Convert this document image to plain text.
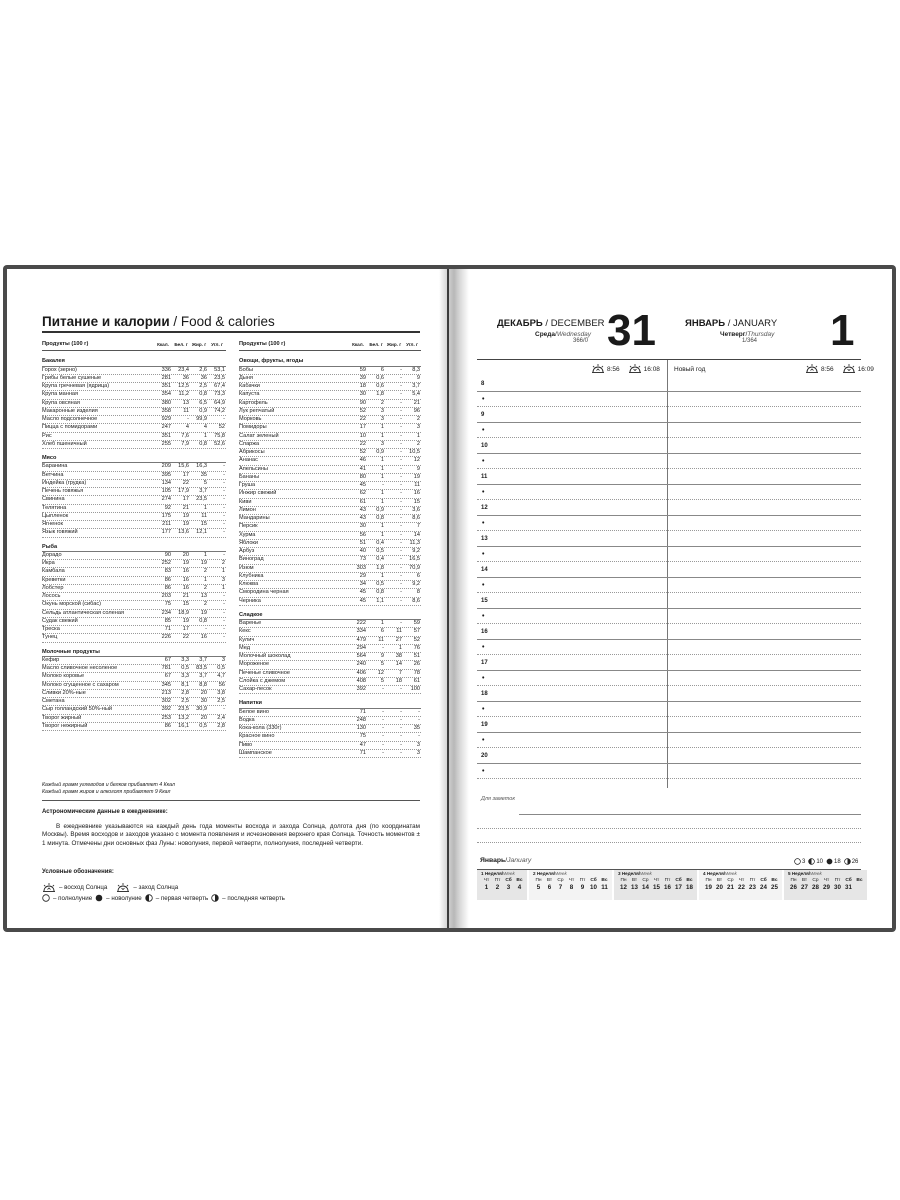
Питание и калории / Food & calories
Продукты (100 г)	Ккал.	Бел. г Жир. г	Угл. г
Бакалея
Горох (зерно)	336	23,4	2,6	53,1
Грибы белые сушеные	281	36	36	23,5
Крупа гречневая (ядрица)	351	12,5	2,5	67,4
Крупа манная	354	11,2	0,8	73,3
Крупа овсяная	380	13	6,5	64,9
Макаронные изделия	358	11	0,9	74,2
Масло подсолнечное	929	-	99,9	-
Пицца с помидорами	247	4	4	52
Рис	351	7,6	1	75,8
Хлеб пшеничный	255	7,9	0,8	52,6
Мясо
Баранина	209	15,6	16,3	-
Ветчина	395	17	35	-
Индейка (грудка)	134	22	5	-
Печень говяжья	105	17,9	3,7	-
Свинина	274	17	23,5	-
Телятина	92	21	1	-
Цыпленок	175	19	11	-
Ягненок	211	19	15	-
Язык говяжий	177	13,6	12,1	-
Рыба
Дорадо	90	20	1	-
Икра	252	19	19	2
Камбала	83	16	2	1
Креветки	86	16	1	3
Лобстер	86	16	2	1
Лосось	203	21	13	-
Окунь морской (сибас)	75	15	2	-
Сельдь атлантическая соленая	234	18,9	19	-
Судак свежий	85	19	0,8	-
Треска	71	17	-	-
Тунец	226	22	16	-
Молочные продукты
Кефир	67	3,3	3,7	3
Масло сливочное несоленое	781	0,5	83,5	0,5
Молоко коровье	67	3,3	3,7	4,7
Молоко сгущенное с сахаром	345	8,1	8,8	56
Сливки 20%-ные	213	2,8	20	3,8
Сметана	302	2,5	30	2,5
Сыр голландский 50%-ный	392	23,5	30,9	-
Творог жирный	253	13,2	20	2,4
Творог нежирный	86	16,1	0,5	2,8
Продукты (100 г)	Ккал.	Бел. г Жир. г	Угл. г
Овощи, фрукты, ягоды
Бобы	59	6	-	8,3
Дыня	39	0,6	-	9
Кабачки	18	0,6	-	3,7
Капуста	30	1,8	-	5,4
Картофель	90	2	-	21
Лук репчатый	52	3	-	96
Морковь	22	3	-	2
Помидоры	17	1	-	3
Салат зеленый	10	1	-	1
Спаржа	22	3	-	2
Абрикосы	52	0,9	-	10,5
Ананас	46	1	-	12
Апельсины	41	1	-	9
Бананы	80	1	-	19
Груша	45	-	-	11
Инжир свежий	62	1	-	16
Киви	61	1	-	15
Лимон	43	0,9	-	3,6
Мандарины	43	0,8	-	8,6
Персик	30	1	-	7
Хурма	56	1	-	14
Яблоки	51	0,4	-	11,3
Арбуз	40	0,5	-	9,2
Виноград	73	0,4	-	16,5
Изюм	303	1,8	-	70,9
Клубника	29	1	-	6
Клюква	34	0,5	-	9,2
Смородина черная	45	0,8	-	8
Черника	45	1,1	-	8,6
Сладкое
Варенье	222	1	-	59
Кекс	334	6	11	57
Кулич	479	11	27	52
Мед	294	-	1	76
Молочный шоколад	564	9	38	51
Мороженое	240	5	14	26
Печенье сливочное	406	12	7	78
Слойка с джемом	408	5	18	61
Сахар-песок	392	-	-	100
Напитки
Белое вино	71	-	-	-
Водка	248	-	-	-
Кока-кола (330г)	130	-	-	35
Красное вино	75	-	-	-
Пиво	47	-	-	3
Шампанское	71	-	-	3
Каждый грамм углеводов и белков прибавляет 4 Ккал
Каждый грамм жиров и алкоголя прибавляет 9 Ккал
Астрономические данные в ежедневнике:
В ежедневнике указываются на каждый день года моменты восхода и захода Солнца, долгота дня (по координатам Москвы). Время восходов и заходов указано с момента появления и исчезновения верхнего края Солнца. Точность моментов ± 1 минута. Отмечены дни основных фаз Луны: новолуния, первой четверти, полнолуния, последней четверти.
Условные обозначения:
– восход Солнца	– заход Солнца
– полнолуние – новолуние – первая четверть – последняя четверть
ДЕКАБРЬ / DECEMBER
Среда/Wednesday
366/0 31	ЯНВАРЬ / JANUARY
Четверг/Thursday
1/364 1
8:56	16:08 Новый год	8:56	16:09
8
•
9
•
10
•
11
•
12
•
13
•
14
•
15
•
16
•
17
•
18
•
19
•
20
•
Для заметок
Январь/January	3 10 18 26
1 Неделя/Week
Чт	Пт	Сб Вс
1	2	3	4
2 Неделя/Week
Пн	Вт	Ср	Чт	Пт	Сб Вс
5	6	7	8	9 10 11
3 Неделя/Week
Пн	Вт	Ср	Чт	Пт	Сб Вс
12 13 14 15 16 17 18
4 Неделя/Week
Пн	Вт	Ср	Чт	Пт	Сб Вс
19 20 21 22 23 24 25
5 Неделя/Week
Пн	Вт	Ср	Чт	Пт	Сб Вс
26 27 28 29 30 31
